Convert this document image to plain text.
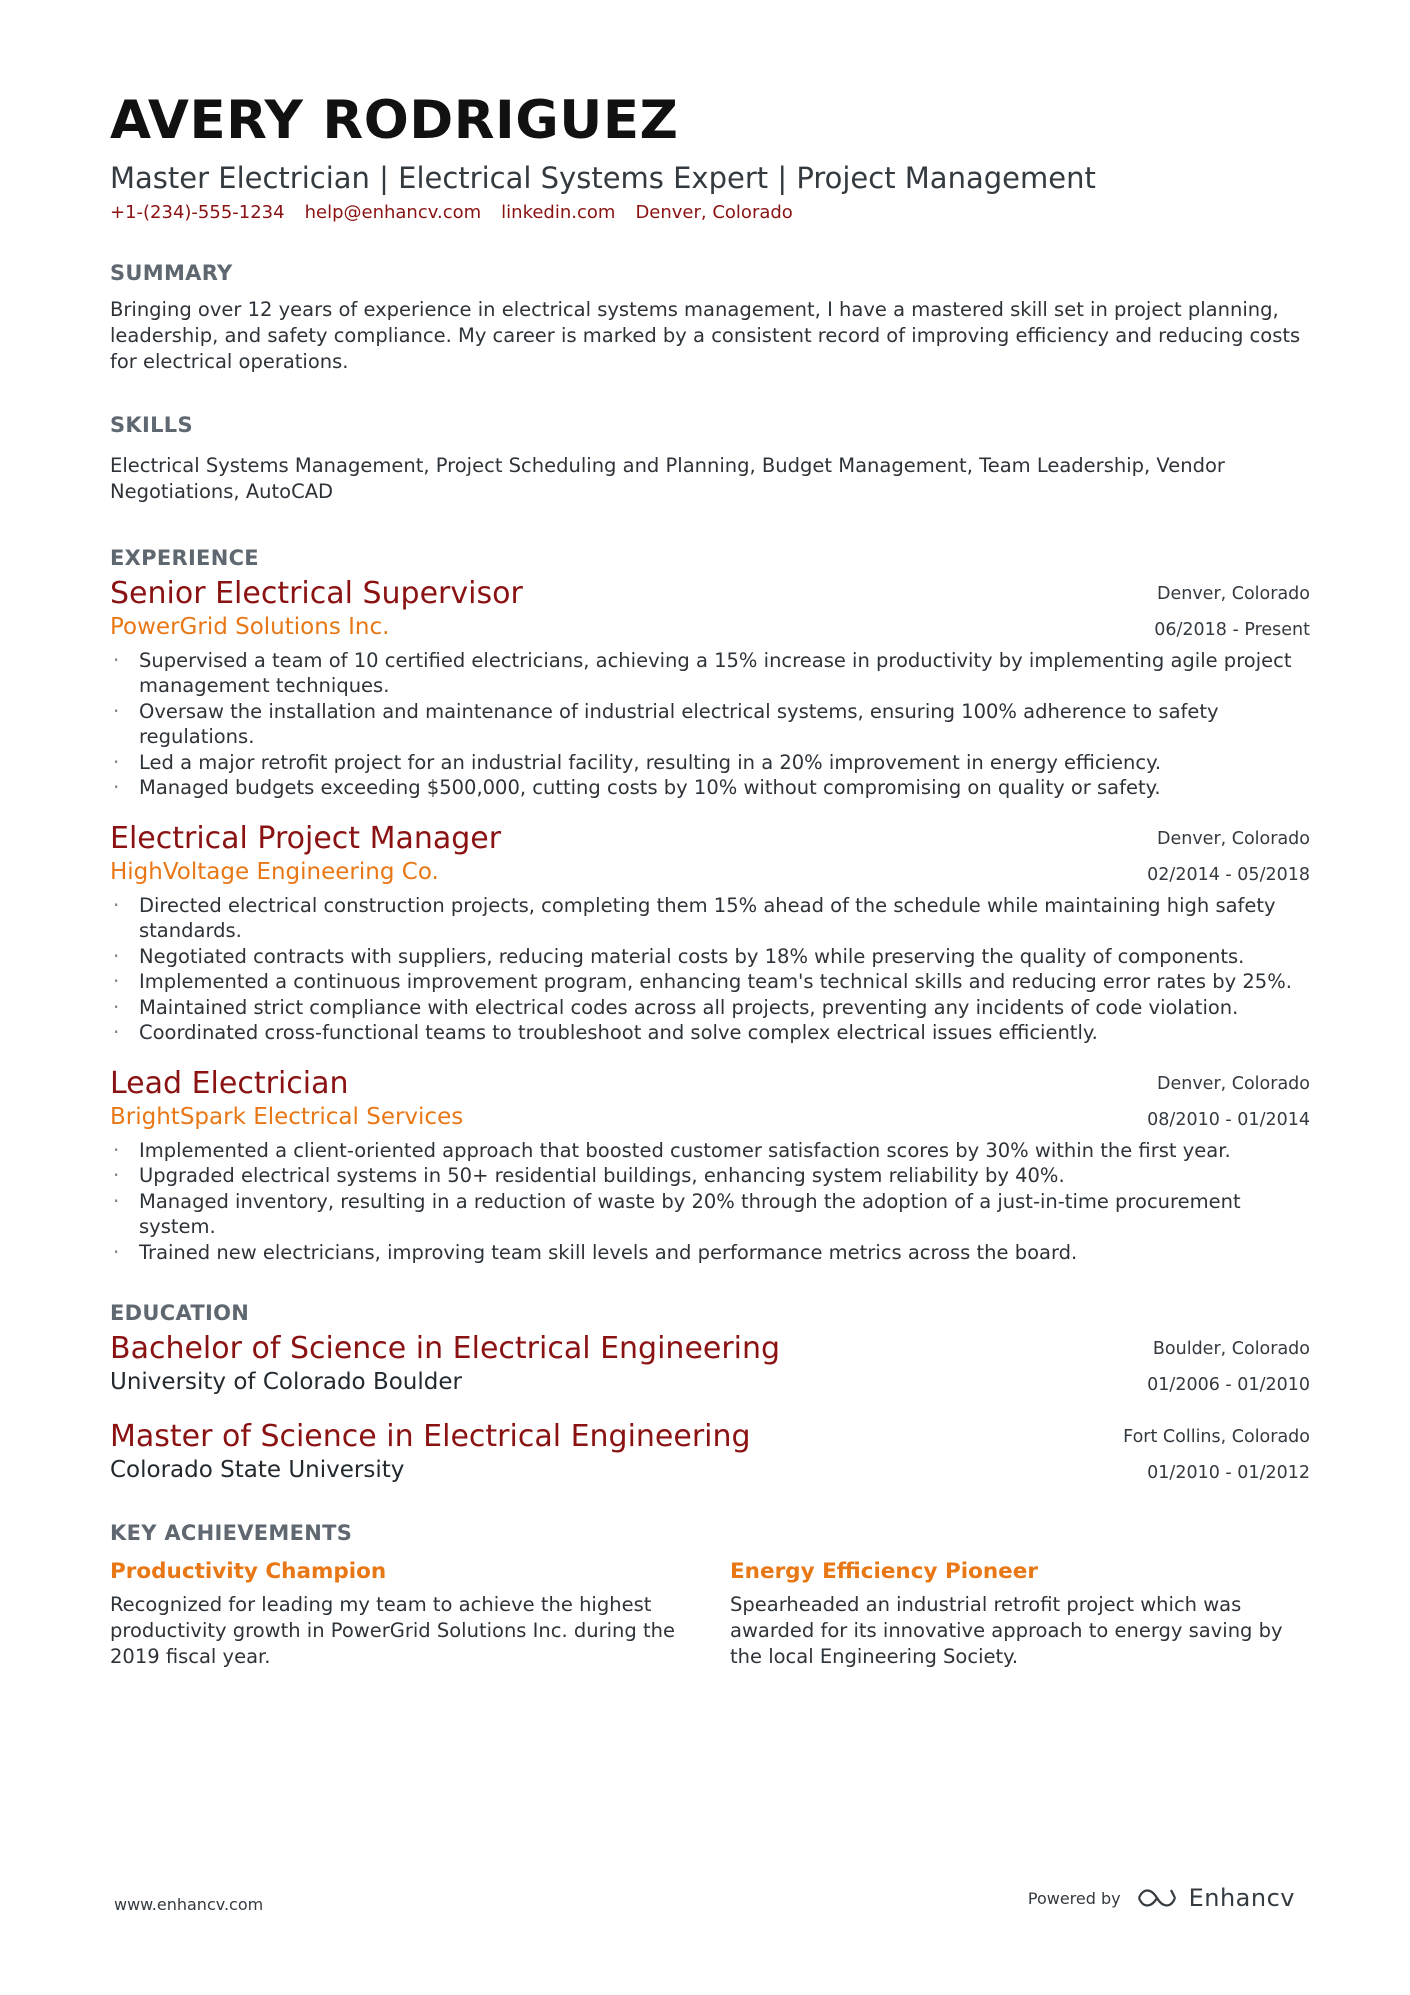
AVERY RODRIGUEZ
Master Electrician | Electrical Systems Expert | Project Management
+1-(234)-555-1234 help@enhancv.com linkedin.com Denver, Colorado
SUMMARY
Bringing over 12 years of experience in electrical systems management, I have a mastered skill set in project planning, leadership, and safety compliance. My career is marked by a consistent record of improving efficiency and reducing costs for electrical operations.
SKILLS
Electrical Systems Management, Project Scheduling and Planning, Budget Management, Team Leadership, Vendor Negotiations, AutoCAD
EXPERIENCE
Senior Electrical Supervisor
PowerGrid Solutions Inc.
Denver, Colorado
06/2018 - Present
· Supervised a team of 10 certified electricians, achieving a 15% increase in productivity by implementing agile project management techniques.
· Oversaw the installation and maintenance of industrial electrical systems, ensuring 100% adherence to safety regulations.
· Led a major retrofit project for an industrial facility, resulting in a 20% improvement in energy efficiency.
· Managed budgets exceeding $500,000, cutting costs by 10% without compromising on quality or safety.
Electrical Project Manager
HighVoltage Engineering Co.
Denver, Colorado
02/2014 - 05/2018
· Directed electrical construction projects, completing them 15% ahead of the schedule while maintaining high safety standards.
· Negotiated contracts with suppliers, reducing material costs by 18% while preserving the quality of components.
· Implemented a continuous improvement program, enhancing team's technical skills and reducing error rates by 25%.
· Maintained strict compliance with electrical codes across all projects, preventing any incidents of code violation.
· Coordinated cross-functional teams to troubleshoot and solve complex electrical issues efficiently.
Lead Electrician
BrightSpark Electrical Services
Denver, Colorado
08/2010 - 01/2014
· Implemented a client-oriented approach that boosted customer satisfaction scores by 30% within the first year.
· Upgraded electrical systems in 50+ residential buildings, enhancing system reliability by 40%.
· Managed inventory, resulting in a reduction of waste by 20% through the adoption of a just-in-time procurement system.
· Trained new electricians, improving team skill levels and performance metrics across the board.
EDUCATION
Bachelor of Science in Electrical Engineering
University of Colorado Boulder
Boulder, Colorado
01/2006 - 01/2010
Master of Science in Electrical Engineering
Colorado State University
Fort Collins, Colorado
01/2010 - 01/2012
KEY ACHIEVEMENTS
Productivity Champion
Recognized for leading my team to achieve the highest productivity growth in PowerGrid Solutions Inc. during the 2019 fiscal year.
Energy Efficiency Pioneer
Spearheaded an industrial retrofit project which was awarded for its innovative approach to energy saving by the local Engineering Society.
www.enhancv.com	Powered by	Enhancv
